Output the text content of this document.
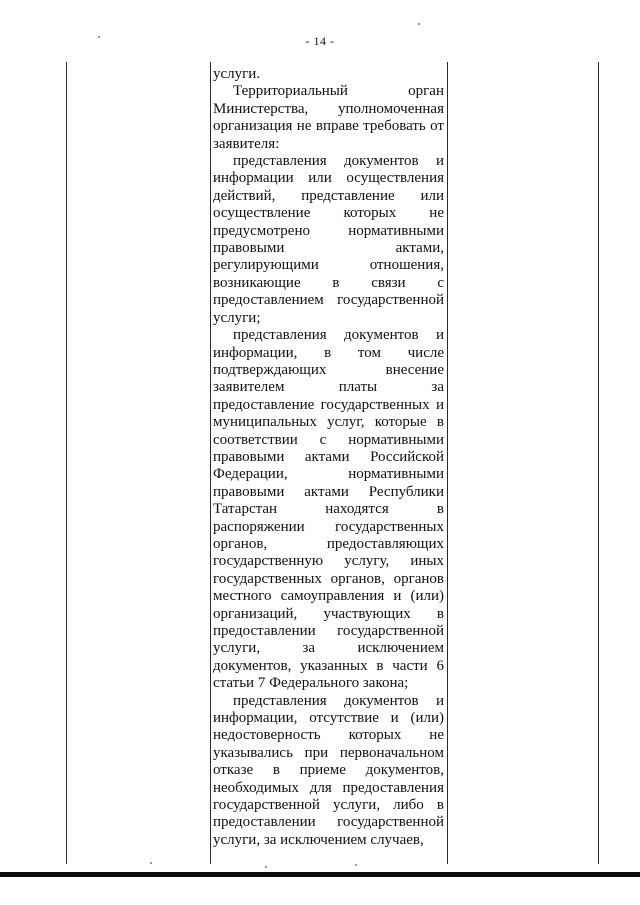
- 14 -

услуги.

Территориальный орган Министерства, уполномоченная организация не вправе требовать от заявителя:

представления документов и информации или осуществления действий, представление или осуществление которых не предусмотрено нормативными правовыми актами, регулирующими отношения, возникающие в связи с предоставлением государственной услуги;

представления документов и информации, в том числе подтверждающих внесение заявителем платы за предоставление государственных и муниципальных услуг, которые в соответствии с нормативными правовыми актами Российской Федерации, нормативными правовыми актами Республики Татарстан находятся в распоряжении государственных органов, предоставляющих государственную услугу, иных государственных органов, органов местного самоуправления и (или) организаций, участвующих в предоставлении государственной услуги, за исключением документов, указанных в части 6 статьи 7 Федерального закона;

представления документов и информации, отсутствие и (или) недостоверность которых не указывались при первоначальном отказе в приеме документов, необходимых для предоставления государственной услуги, либо в предоставлении государственной услуги, за исключением случаев,
